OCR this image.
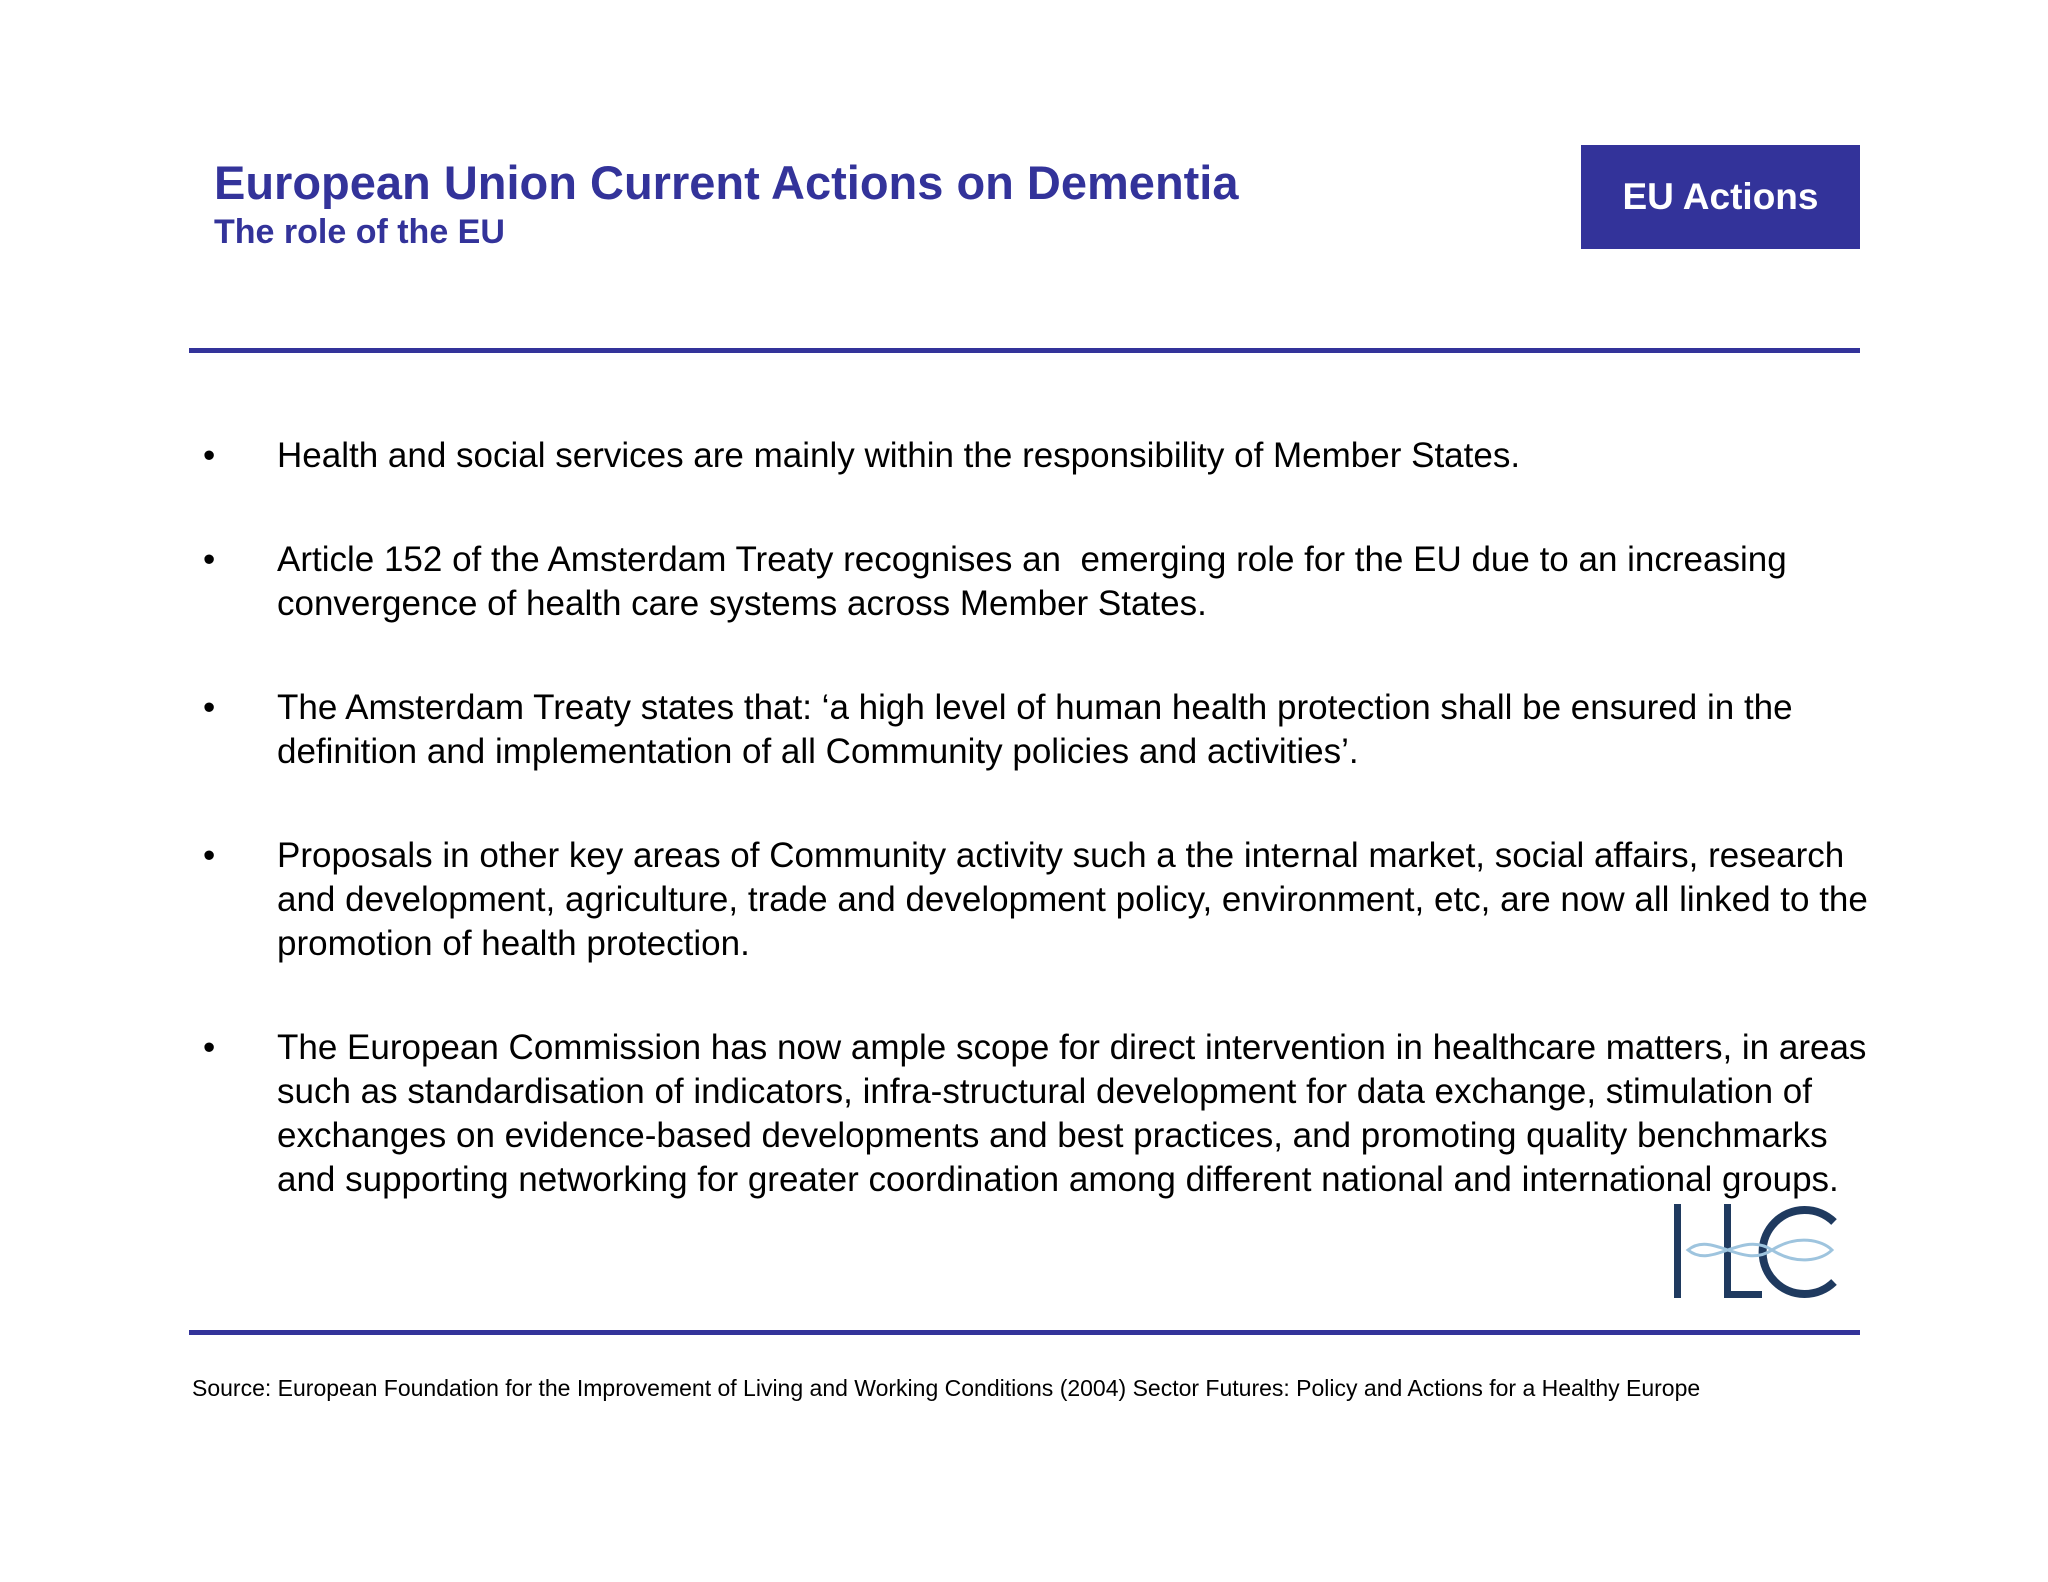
European Union Current Actions on Dementia
The role of the EU
EU Actions
•	Health and social services are mainly within the responsibility of Member States.
•	Article 152 of the Amsterdam Treaty recognises an  emerging role for the EU due to an increasing convergence of health care systems across Member States.
•	The Amsterdam Treaty states that: ‘a high level of human health protection shall be ensured in the definition and implementation of all Community policies and activities’.
•	Proposals in other key areas of Community activity such a the internal market, social affairs, research and development, agriculture, trade and development policy, environment, etc, are now all linked to the promotion of health protection.
•	The European Commission has now ample scope for direct intervention in healthcare matters, in areas such as standardisation of indicators, infra-structural development for data exchange, stimulation of exchanges on evidence-based developments and best practices, and promoting quality benchmarks and supporting networking for greater coordination among different national and international groups.
Source: European Foundation for the Improvement of Living and Working Conditions (2004) Sector Futures: Policy and Actions for a Healthy Europe
